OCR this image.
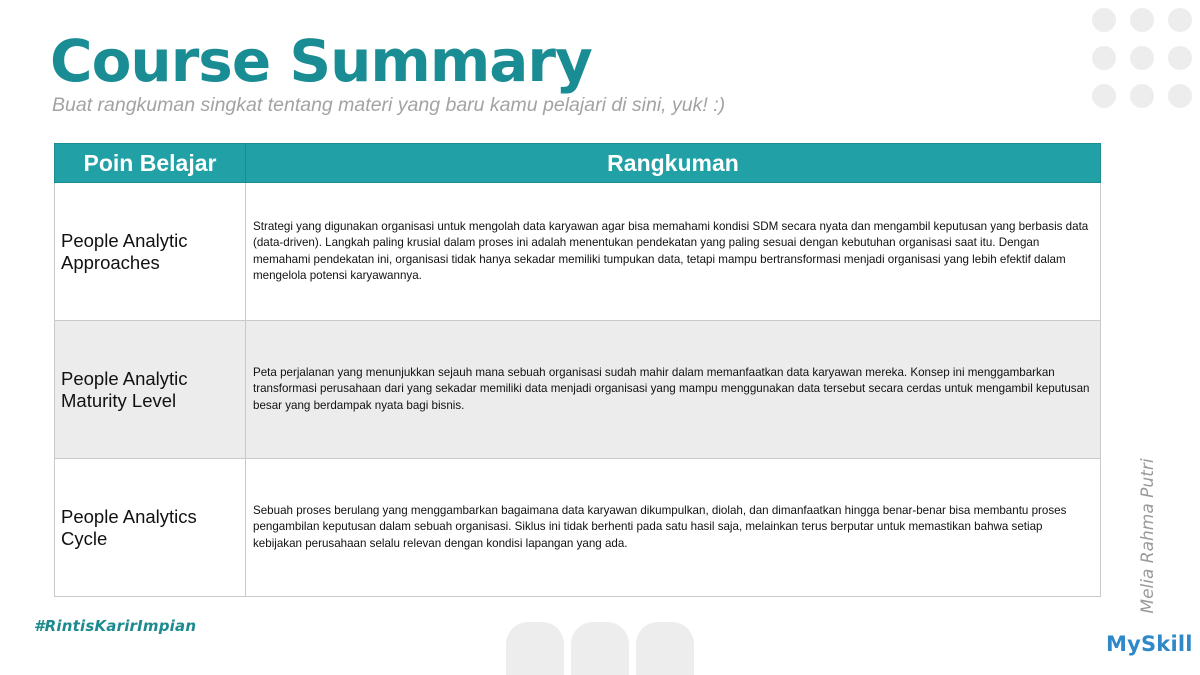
Course Summary
Buat rangkuman singkat tentang materi yang baru kamu pelajari di sini, yuk! :)
Poin Belajar	Rangkuman
People Analytic Approaches	Strategi yang digunakan organisasi untuk mengolah data karyawan agar bisa memahami kondisi SDM secara nyata dan mengambil keputusan yang berbasis data (data-driven). Langkah paling krusial dalam proses ini adalah menentukan pendekatan yang paling sesuai dengan kebutuhan organisasi saat itu. Dengan memahami pendekatan ini, organisasi tidak hanya sekadar memiliki tumpukan data, tetapi mampu bertransformasi menjadi organisasi yang lebih efektif dalam mengelola potensi karyawannya.
People Analytic Maturity Level	Peta perjalanan yang menunjukkan sejauh mana sebuah organisasi sudah mahir dalam memanfaatkan data karyawan mereka. Konsep ini menggambarkan transformasi perusahaan dari yang sekadar memiliki data menjadi organisasi yang mampu menggunakan data tersebut secara cerdas untuk mengambil keputusan besar yang berdampak nyata bagi bisnis.
People Analytics Cycle	Sebuah proses berulang yang menggambarkan bagaimana data karyawan dikumpulkan, diolah, dan dimanfaatkan hingga benar-benar bisa membantu proses pengambilan keputusan dalam sebuah organisasi. Siklus ini tidak berhenti pada satu hasil saja, melainkan terus berputar untuk memastikan bahwa setiap kebijakan perusahaan selalu relevan dengan kondisi lapangan yang ada.	Melia Rahma Putri
#RintisKarirImpian
MySkill
